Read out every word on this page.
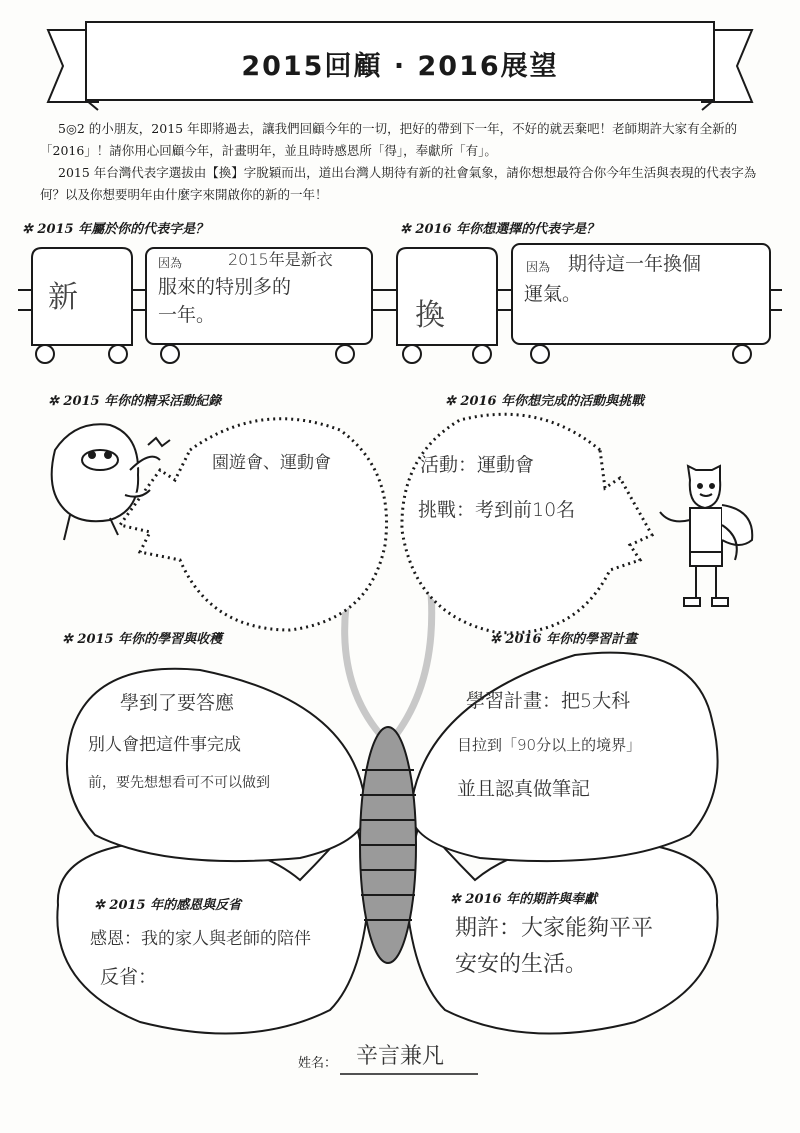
2015回顧 · 2016展望

5◎2 的小朋友，2015 年即將過去，讓我們回顧今年的一切，把好的帶到下一年，不好的就丟棄吧！老師期許大家有全新的「2016」！請你用心回顧今年，計畫明年，並且時時感恩所「得」，奉獻所「有」。

2015 年台灣代表字選拔由【換】字脫穎而出，道出台灣人期待有新的社會氣象，請你想想最符合你今年生活與表現的代表字為何？以及你想要明年由什麼字來開啟你的新的一年！

✲ 2015 年屬於你的代表字是？	✲ 2016 年你想選擇的代表字是？
✲ 2015 年你的精采活動紀錄	✲ 2016 年你想完成的活動與挑戰
✲ 2015 年你的學習與收穫	✲ 2016 年你的學習計畫
✲ 2015 年的感恩與反省	✲ 2016 年的期許與奉獻
新
因為	2015年是新衣
服來的特別多的
一年。	換
因為 期待這一年換個
運氣。
園遊會、運動會	活動：運動會
挑戰：考到前10名
學到了要答應
別人會把這件事完成
前，要先想想看可不可以做到
學習計畫：把5大科
目拉到「90分以上的境界」
並且認真做筆記
感恩：我的家人與老師的陪伴
反省：
期許：大家能夠平平
安安的生活。
姓名： 辛言兼凡
